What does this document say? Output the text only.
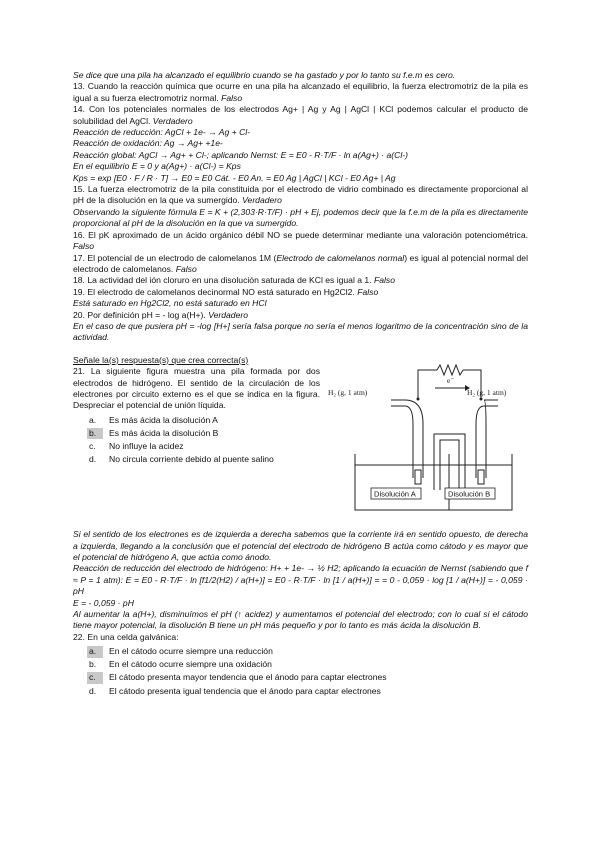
Se dice que una pila ha alcanzado el equilibrio cuando se ha gastado y por lo tanto su f.e.m es cero.

13. Cuando la reacción química que ocurre en una pila ha alcanzado el equilibrio, la fuerza electromotriz de la pila es igual a su fuerza electromotriz normal. Falso

14. Con los potenciales normales de los electrodos Ag+ | Ag y Ag | AgCl | KCl podemos calcular el producto de solubilidad del AgCl. Verdadero

Reacción de reducción: AgCl + 1e- → Ag + Cl-

Reacción de oxidación: Ag → Ag+ +1e-

Reacción global: AgCl → Ag+ + Cl-; aplicando Nernst: E = E0 - R·T/F · ln a(Ag+) · a(Cl-)

En el equilibrio E = 0 y a(Ag+) · a(Cl-) = Kps

Kps = exp [E0 · F / R · T] → E0 = E0 Cát. - E0 An. = E0 Ag | AgCl | KCl - E0 Ag+ | Ag

15. La fuerza electromotriz de la pila constituida por el electrodo de vidrio combinado es directamente proporcional al pH de la disolución en la que va sumergido. Verdadero

Observando la siguiente fórmula E = K + (2,303·R·T/F) · pH + Ej, podemos decir que la f.e.m de la pila es directamente proporcional al pH de la disolución en la que va sumergido.

16. El pK aproximado de un ácido orgánico débil NO se puede determinar mediante una valoración potenciométrica. Falso

17. El potencial de un electrodo de calomelanos 1M (Electrodo de calomelanos normal) es igual al potencial normal del electrodo de calomelanos. Falso

18. La actividad del ión cloruro en una disolución saturada de KCl es igual a 1. Falso

19. El electrodo de calomelanos decinormal NO está saturado en Hg2Cl2. Falso

Está saturado en Hg2Cl2, no está saturado en HCl

20. Por definición pH = - log a(H+). Verdadero

En el caso de que pusiera pH = -log [H+] sería falsa porque no sería el menos logaritmo de la concentración sino de la actividad.

Señale la(s) respuesta(s) que crea correcta(s)

21. La siguiente figura muestra una pila formada por dos electrodos de hidrógeno. El sentido de la circulación de los electrones por circuito externo es el que se indica en la figura. Despreciar el potencial de unión líquida.

a.	Es más ácida la disolución A
b.	Es más ácida la disolución B
c.	No influye la acidez
d.	No circula corriente debido al puente salino
H₂ (g, 1 atm)	H₂ (g, 1 atm)
e⁻
Disolución A	Disolución B

Si el sentido de los electrones es de izquierda a derecha sabemos que la corriente irá en sentido opuesto, de derecha a izquierda, llegando a la conclusión que el potencial del electrodo de hidrógeno B actúa como cátodo y es mayor que el potencial de hidrógeno A, que actúa como ánodo.

Reacción de reducción del electrodo de hidrógeno: H+ + 1e- → ½ H2; aplicando la ecuación de Nernst (sabiendo que f ≈ P = 1 atm): E = E0 - R·T/F · ln [f1/2(H2) / a(H+)] = E0 - R·T/F · ln [1 / a(H+)] = = 0 - 0,059 · log [1 / a(H+)] = - 0,059 · pH

E = - 0,059 · pH

Al aumentar la a(H+), disminuímos el pH (↑ acidez) y aumentamos el potencial del electrodo; con lo cual si el cátodo tiene mayor potencial, la disolución B tiene un pH más pequeño y por lo tanto es más ácida la disolución B.

22. En una celda galvánica:

a.	En el cátodo ocurre siempre una reducción
b.	En el cátodo ocurre siempre una oxidación
c.	El cátodo presenta mayor tendencia que el ánodo para captar electrones
d.	El cátodo presenta igual tendencia que el ánodo para captar electrones
